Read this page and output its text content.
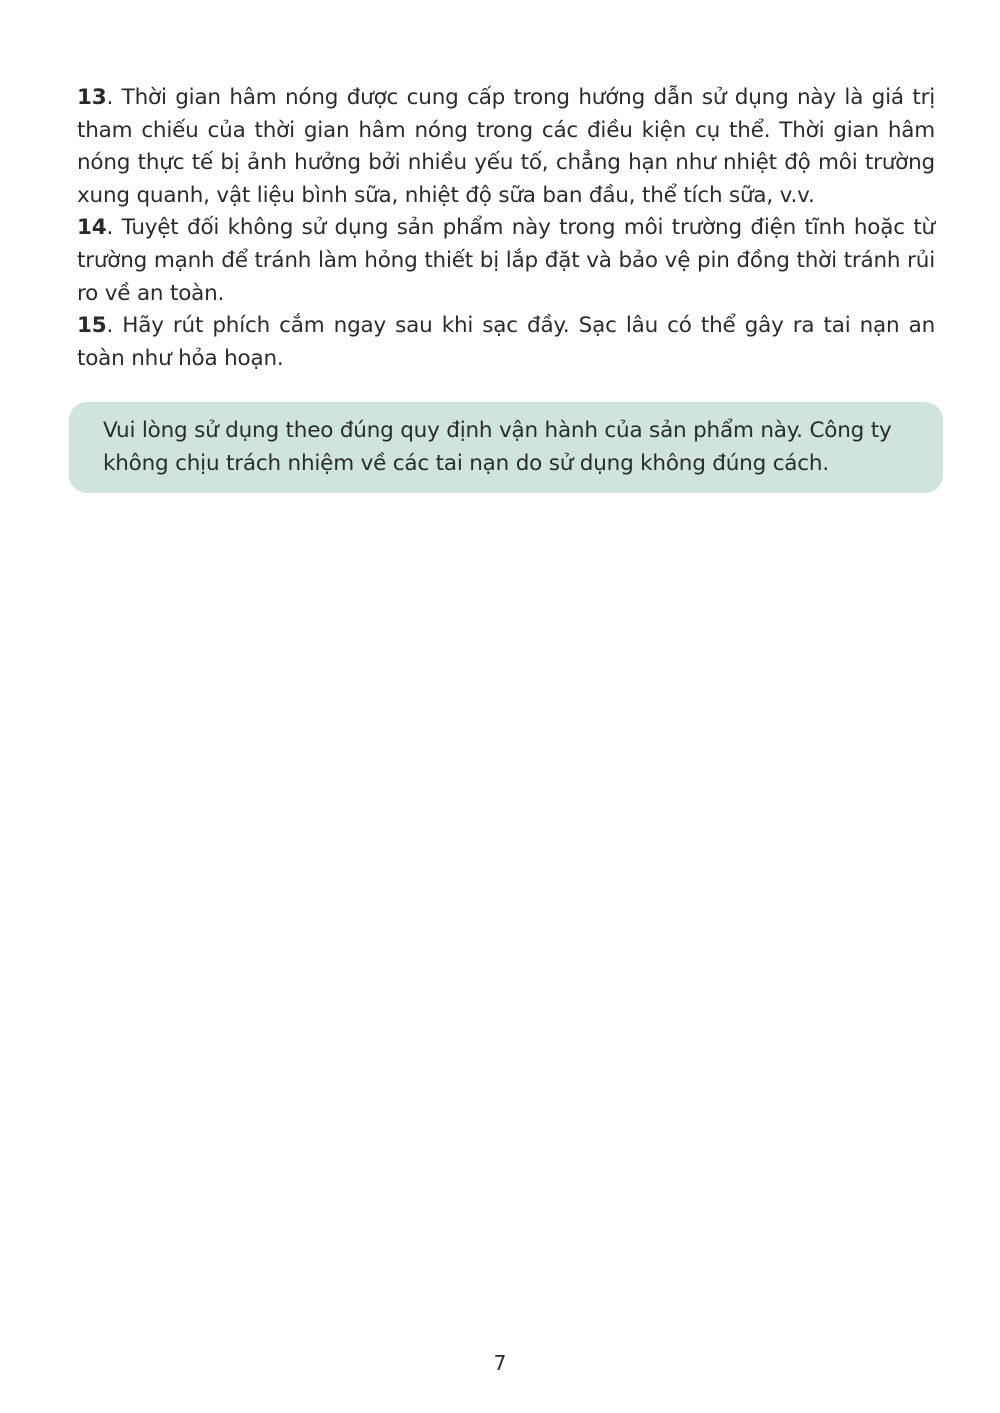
13. Thời gian hâm nóng được cung cấp trong hướng dẫn sử dụng này là giá trị tham chiếu của thời gian hâm nóng trong các điều kiện cụ thể. Thời gian hâm nóng thực tế bị ảnh hưởng bởi nhiều yếu tố, chẳng hạn như nhiệt độ môi trường xung quanh, vật liệu bình sữa, nhiệt độ sữa ban đầu, thể tích sữa, v.v.

14. Tuyệt đối không sử dụng sản phẩm này trong môi trường điện tĩnh hoặc từ trường mạnh để tránh làm hỏng thiết bị lắp đặt và bảo vệ pin đồng thời tránh rủi ro về an toàn.

15. Hãy rút phích cắm ngay sau khi sạc đầy. Sạc lâu có thể gây ra tai nạn an toàn như hỏa hoạn.

Vui lòng sử dụng theo đúng quy định vận hành của sản phẩm này. Công ty không chịu trách nhiệm về các tai nạn do sử dụng không đúng cách.

7
